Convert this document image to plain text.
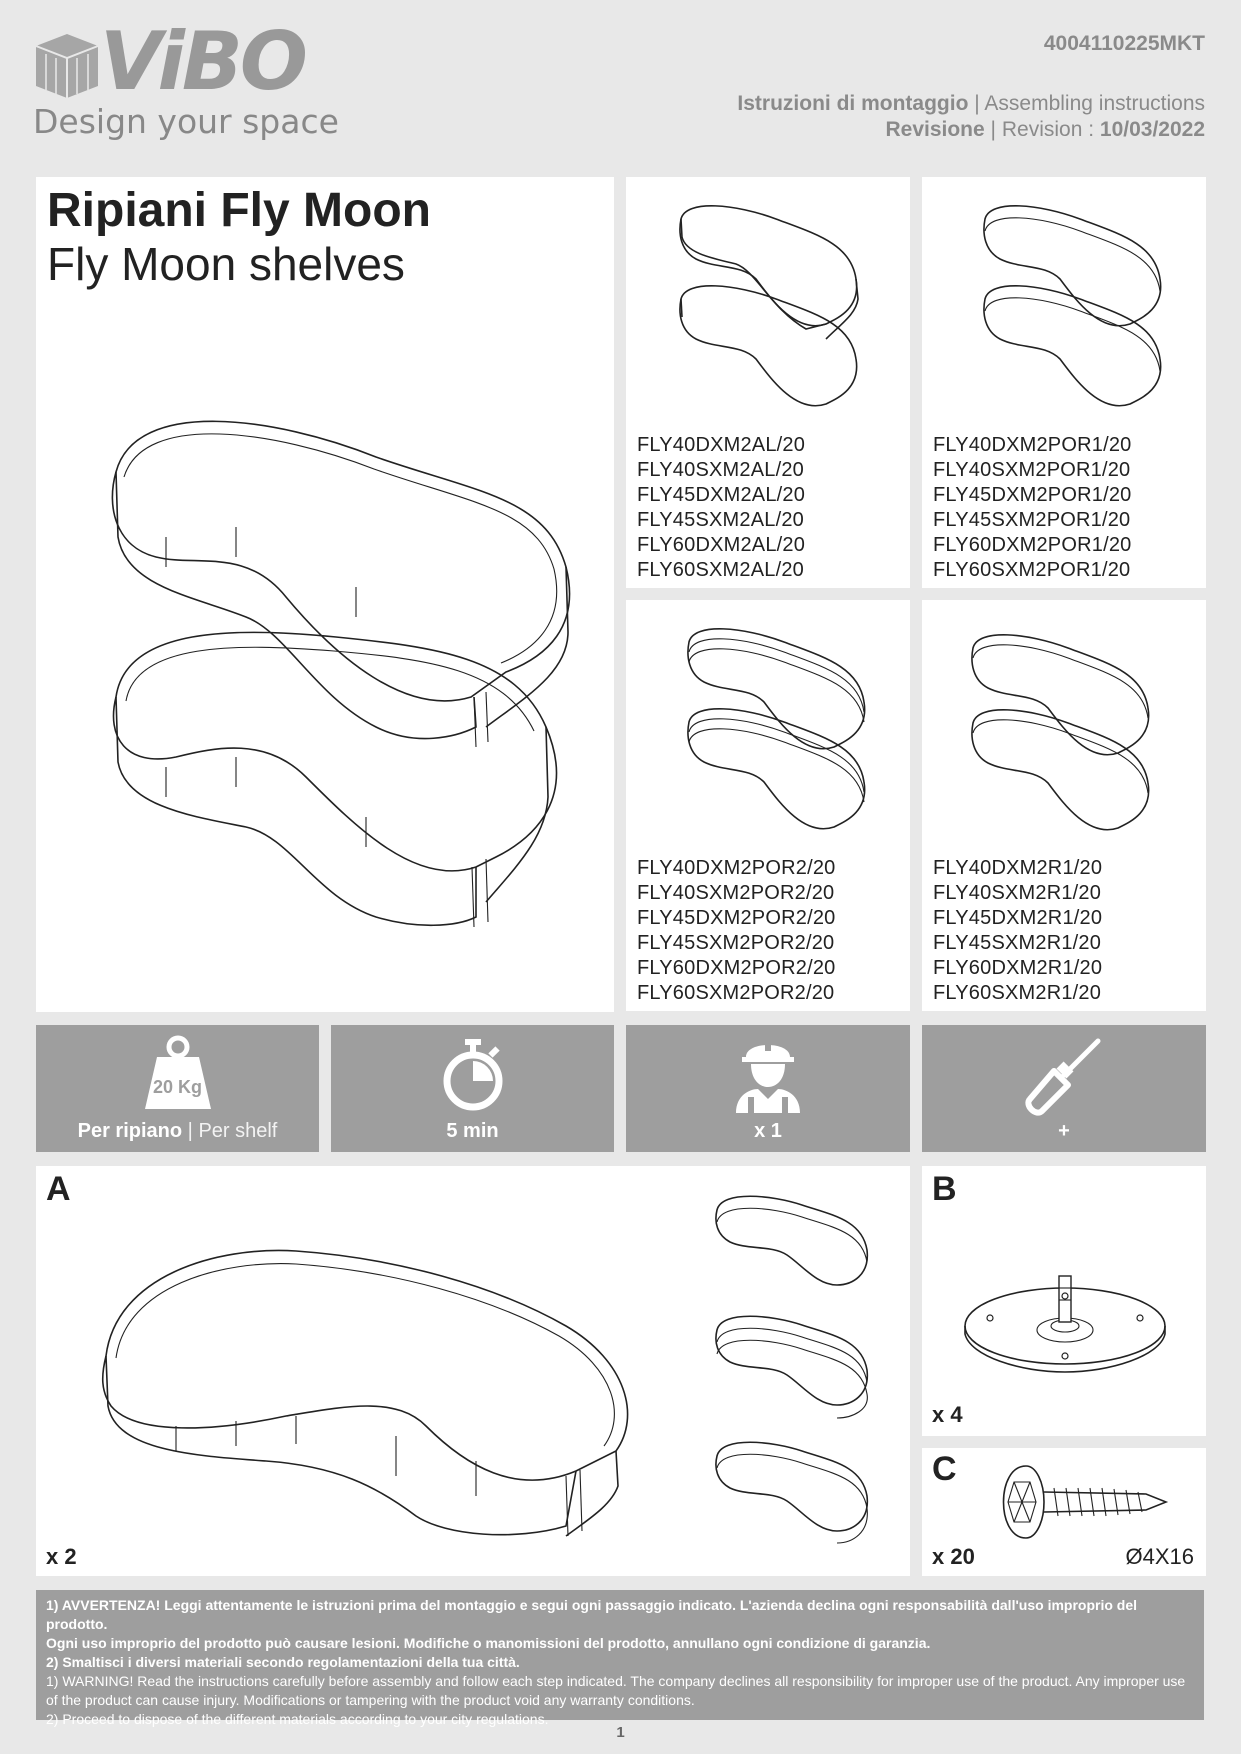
ViBO
Design your space
4004110225MKT
Istruzioni di montaggio | Assembling instructions
Revisione | Revision : 10/03/2022
Ripiani Fly Moon
Fly Moon shelves
FLY40DXM2AL/20
FLY40SXM2AL/20
FLY45DXM2AL/20
FLY45SXM2AL/20
FLY60DXM2AL/20
FLY60SXM2AL/20
FLY40DXM2POR1/20
FLY40SXM2POR1/20
FLY45DXM2POR1/20
FLY45SXM2POR1/20
FLY60DXM2POR1/20
FLY60SXM2POR1/20
FLY40DXM2POR2/20
FLY40SXM2POR2/20
FLY45DXM2POR2/20
FLY45SXM2POR2/20
FLY60DXM2POR2/20
FLY60SXM2POR2/20
FLY40DXM2R1/20
FLY40SXM2R1/20
FLY45DXM2R1/20
FLY45SXM2R1/20
FLY60DXM2R1/20
FLY60SXM2R1/20
20 Kg
Per ripiano | Per shelf	5 min	x 1	+
A
x 2
B
x 4
C
x 20	Ø4X16
1) AVVERTENZA! Leggi attentamente le istruzioni prima del montaggio e segui ogni passaggio indicato. L'azienda declina ogni responsabilità dall'uso improprio del prodotto.
Ogni uso improprio del prodotto può causare lesioni. Modifiche o manomissioni del prodotto, annullano ogni condizione di garanzia.
2) Smaltisci i diversi materiali secondo regolamentazioni della tua città.
1) WARNING! Read the instructions carefully before assembly and follow each step indicated. The company declines all responsibility for improper use of the product. Any improper use of the product can cause injury. Modifications or tampering with the product void any warranty conditions.
2) Proceed to dispose of the different materials according to your city regulations.
1
